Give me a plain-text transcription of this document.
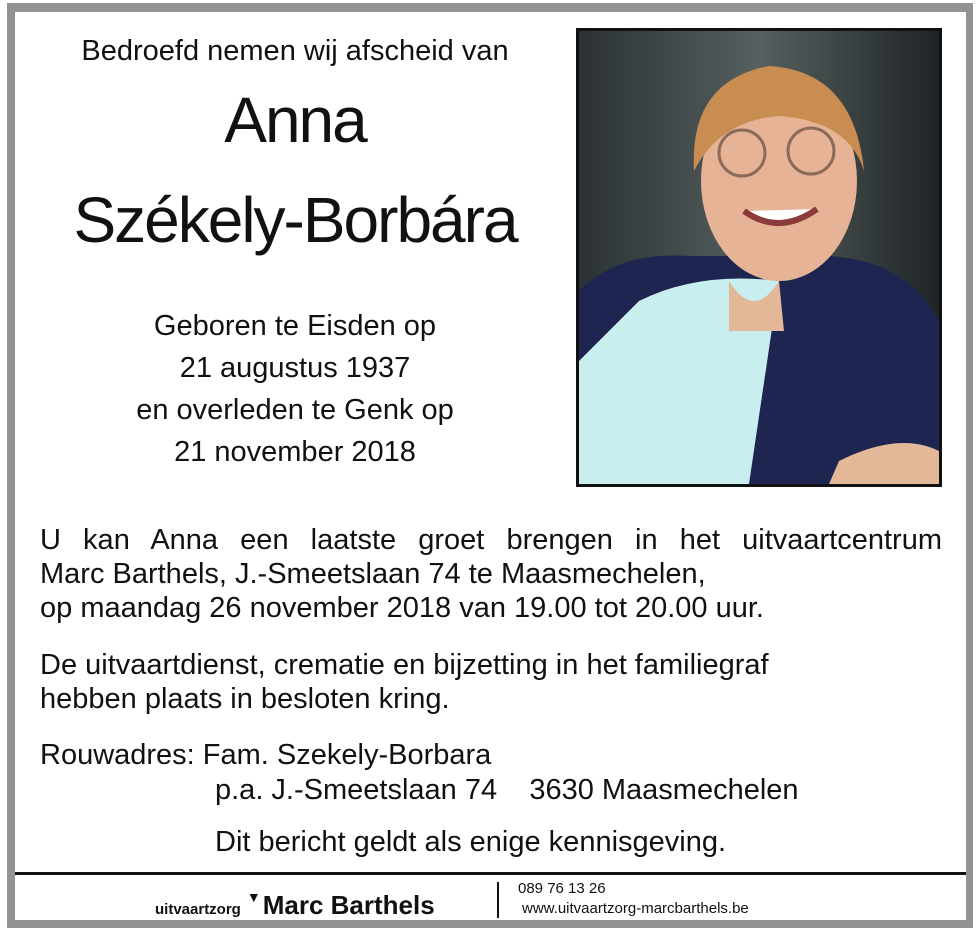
Bedroefd nemen wij afscheid van
Anna
Székely-Borbára
Geboren te Eisden op
21 augustus 1937
en overleden te Genk op
21 november 2018
U kan Anna een laatste groet brengen in het uitvaartcentrum
Marc Barthels, J.-Smeetslaan 74 te Maasmechelen,
op maandag 26 november 2018 van 19.00 tot 20.00 uur.
De uitvaartdienst, crematie en bijzetting in het familiegraf
hebben plaats in besloten kring.
Rouwadres: Fam. Szekely-Borbara
p.a. J.-Smeetslaan 74    3630 Maasmechelen
Dit bericht geldt als enige kennisgeving.
uitvaartzorg▼Marc Barthels
089 76 13 26
www.uitvaartzorg-marcbarthels.be
